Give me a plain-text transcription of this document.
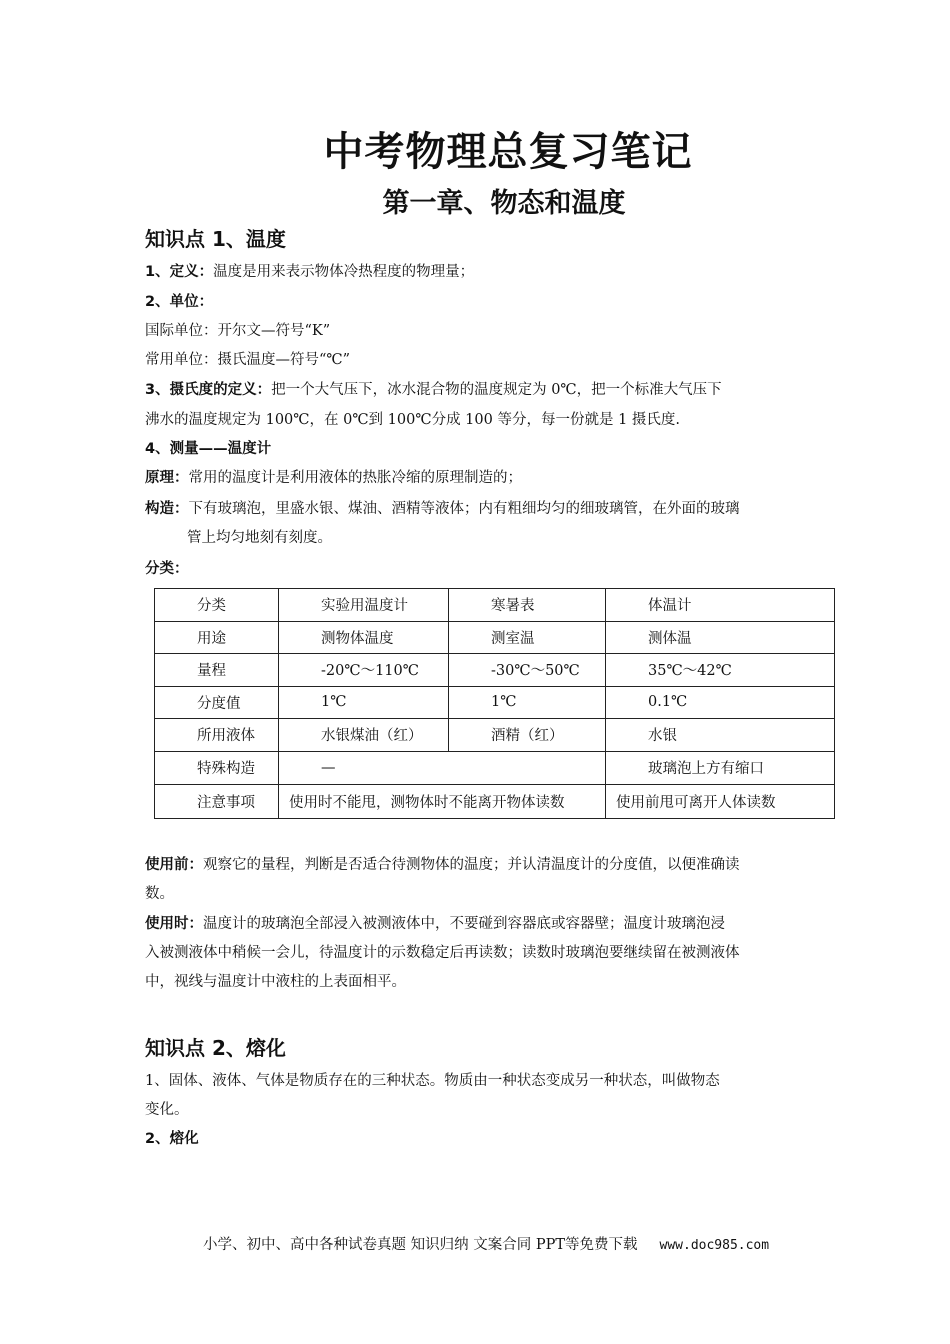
中考物理总复习笔记
第一章、物态和温度
知识点 1、温度
1、定义：温度是用来表示物体冷热程度的物理量；
2、单位：
国际单位：开尔文—符号“K”
常用单位：摄氏温度—符号“℃”
3、摄氏度的定义：把一个大气压下，冰水混合物的温度规定为 0℃，把一个标准大气压下
沸水的温度规定为 100℃，在 0℃到 100℃分成 100 等分，每一份就是 1 摄氏度.
4、测量——温度计
原理：常用的温度计是利用液体的热胀冷缩的原理制造的；
构造：下有玻璃泡，里盛水银、煤油、酒精等液体；内有粗细均匀的细玻璃管，在外面的玻璃
管上均匀地刻有刻度。
分类：
分类	实验用温度计	寒暑表	体温计
用途	测物体温度	测室温	测体温
量程	-20℃～110℃	-30℃～50℃	35℃～42℃
分度值	1℃	1℃	0.1℃
所用液体	水银煤油（红）	酒精（红）	水银
特殊构造	—		玻璃泡上方有缩口
注意事项	使用时不能甩，测物体时不能离开物体读数		使用前甩可离开人体读数
使用前：观察它的量程，判断是否适合待测物体的温度；并认清温度计的分度值，以便准确读
数。
使用时：温度计的玻璃泡全部浸入被测液体中，不要碰到容器底或容器壁；温度计玻璃泡浸
入被测液体中稍候一会儿，待温度计的示数稳定后再读数；读数时玻璃泡要继续留在被测液体
中，视线与温度计中液柱的上表面相平。
知识点 2、熔化
1、固体、液体、气体是物质存在的三种状态。物质由一种状态变成另一种状态，叫做物态
变化。
2、熔化
小学、初中、高中各种试卷真题 知识归纳 文案合同 PPT等免费下载 www.doc985.com
